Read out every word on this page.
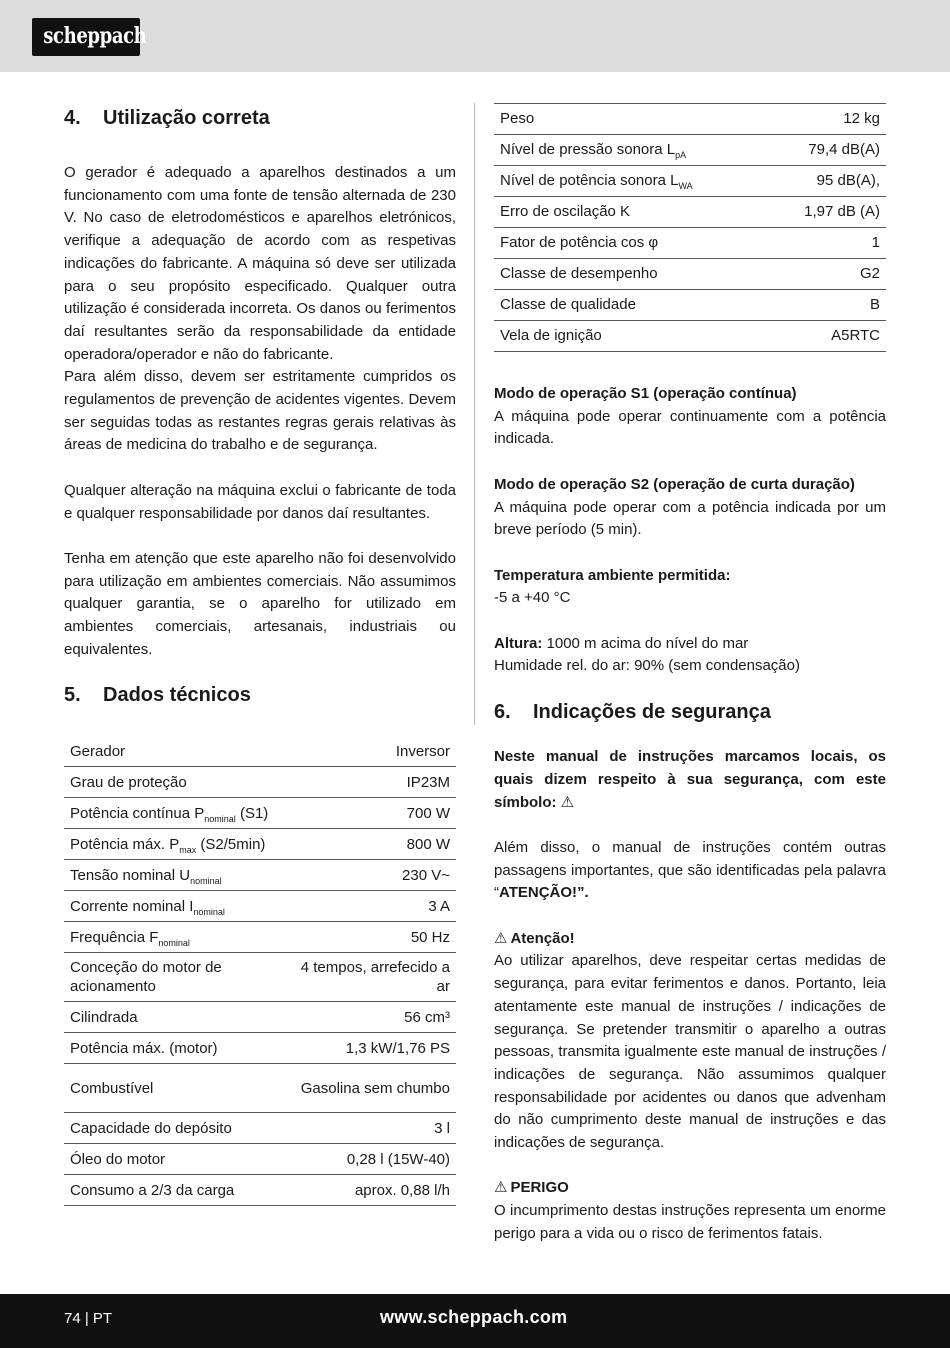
scheppach
4. Utilização correta

O gerador é adequado a aparelhos destinados a um funcionamento com uma fonte de tensão alternada de 230 V. No caso de eletrodomésticos e aparelhos eletrónicos, verifique a adequação de acordo com as respetivas indicações do fabricante. A máquina só deve ser utilizada para o seu propósito especificado. Qualquer outra utilização é considerada incorreta. Os danos ou ferimentos daí resultantes serão da responsabilidade da entidade operadora/operador e não do fabricante.

Para além disso, devem ser estritamente cumpridos os regulamentos de prevenção de acidentes vigentes. Devem ser seguidas todas as restantes regras gerais relativas às áreas de medicina do trabalho e de segurança.

Qualquer alteração na máquina exclui o fabricante de toda e qualquer responsabilidade por danos daí resultantes.

Tenha em atenção que este aparelho não foi desenvolvido para utilização em ambientes comerciais. Não assumimos qualquer garantia, se o aparelho for utilizado em ambientes comerciais, artesanais, industriais ou equivalentes.

5. Dados técnicos
Gerador	Inversor
Grau de proteção	IP23M
Potência contínua $P_{nominal}$ (S1)	700 W
Potência máx. $P_{max}$ (S2/5min)	800 W
Tensão nominal $U_{nominal}$	230 V~
Corrente nominal $I_{nominal}$	3 A
Frequência $F_{nominal}$	50 Hz
Conceção do motor de acionamento	4 tempos, arrefecido a ar
Cilindrada	56 cm³
Potência máx. (motor)	1,3 kW/1,76 PS
Combustível	Gasolina sem chumbo
Capacidade do depósito	3 l
Óleo do motor	0,28 l (15W-40)
Consumo a 2/3 da carga	aprox. 0,88 l/h
Peso	12 kg
Nível de pressão sonora $L_{pA}$	79,4 dB(A)
Nível de potência sonora $L_{WA}$	95 dB(A),
Erro de oscilação K	1,97 dB (A)
Fator de potência cos φ	1
Classe de desempenho	G2
Classe de qualidade	B
Vela de ignição	A5RTC

Modo de operação S1 (operação contínua)

A máquina pode operar continuamente com a potência indicada.

Modo de operação S2 (operação de curta duração)

A máquina pode operar com a potência indicada por um breve período (5 min).

Temperatura ambiente permitida:

-5 a +40 °C

Altura: 1000 m acima do nível do mar

Humidade rel. do ar: 90% (sem condensação)

6. Indicações de segurança

Neste manual de instruções marcamos locais, os quais dizem respeito à sua segurança, com este símbolo: ⚠

Além disso, o manual de instruções contém outras passagens importantes, que são identificadas pela palavra “ATENÇÃO!”.

⚠ Atenção!

Ao utilizar aparelhos, deve respeitar certas medidas de segurança, para evitar ferimentos e danos. Portanto, leia atentamente este manual de instruções / indicações de segurança. Se pretender transmitir o aparelho a outras pessoas, transmita igualmente este manual de instruções / indicações de segurança. Não assumimos qualquer responsabilidade por acidentes ou danos que advenham do não cumprimento deste manual de instruções e das indicações de segurança.

⚠ PERIGO

O incumprimento destas instruções representa um enorme perigo para a vida ou o risco de ferimentos fatais.

74 | PT	www.scheppach.com
